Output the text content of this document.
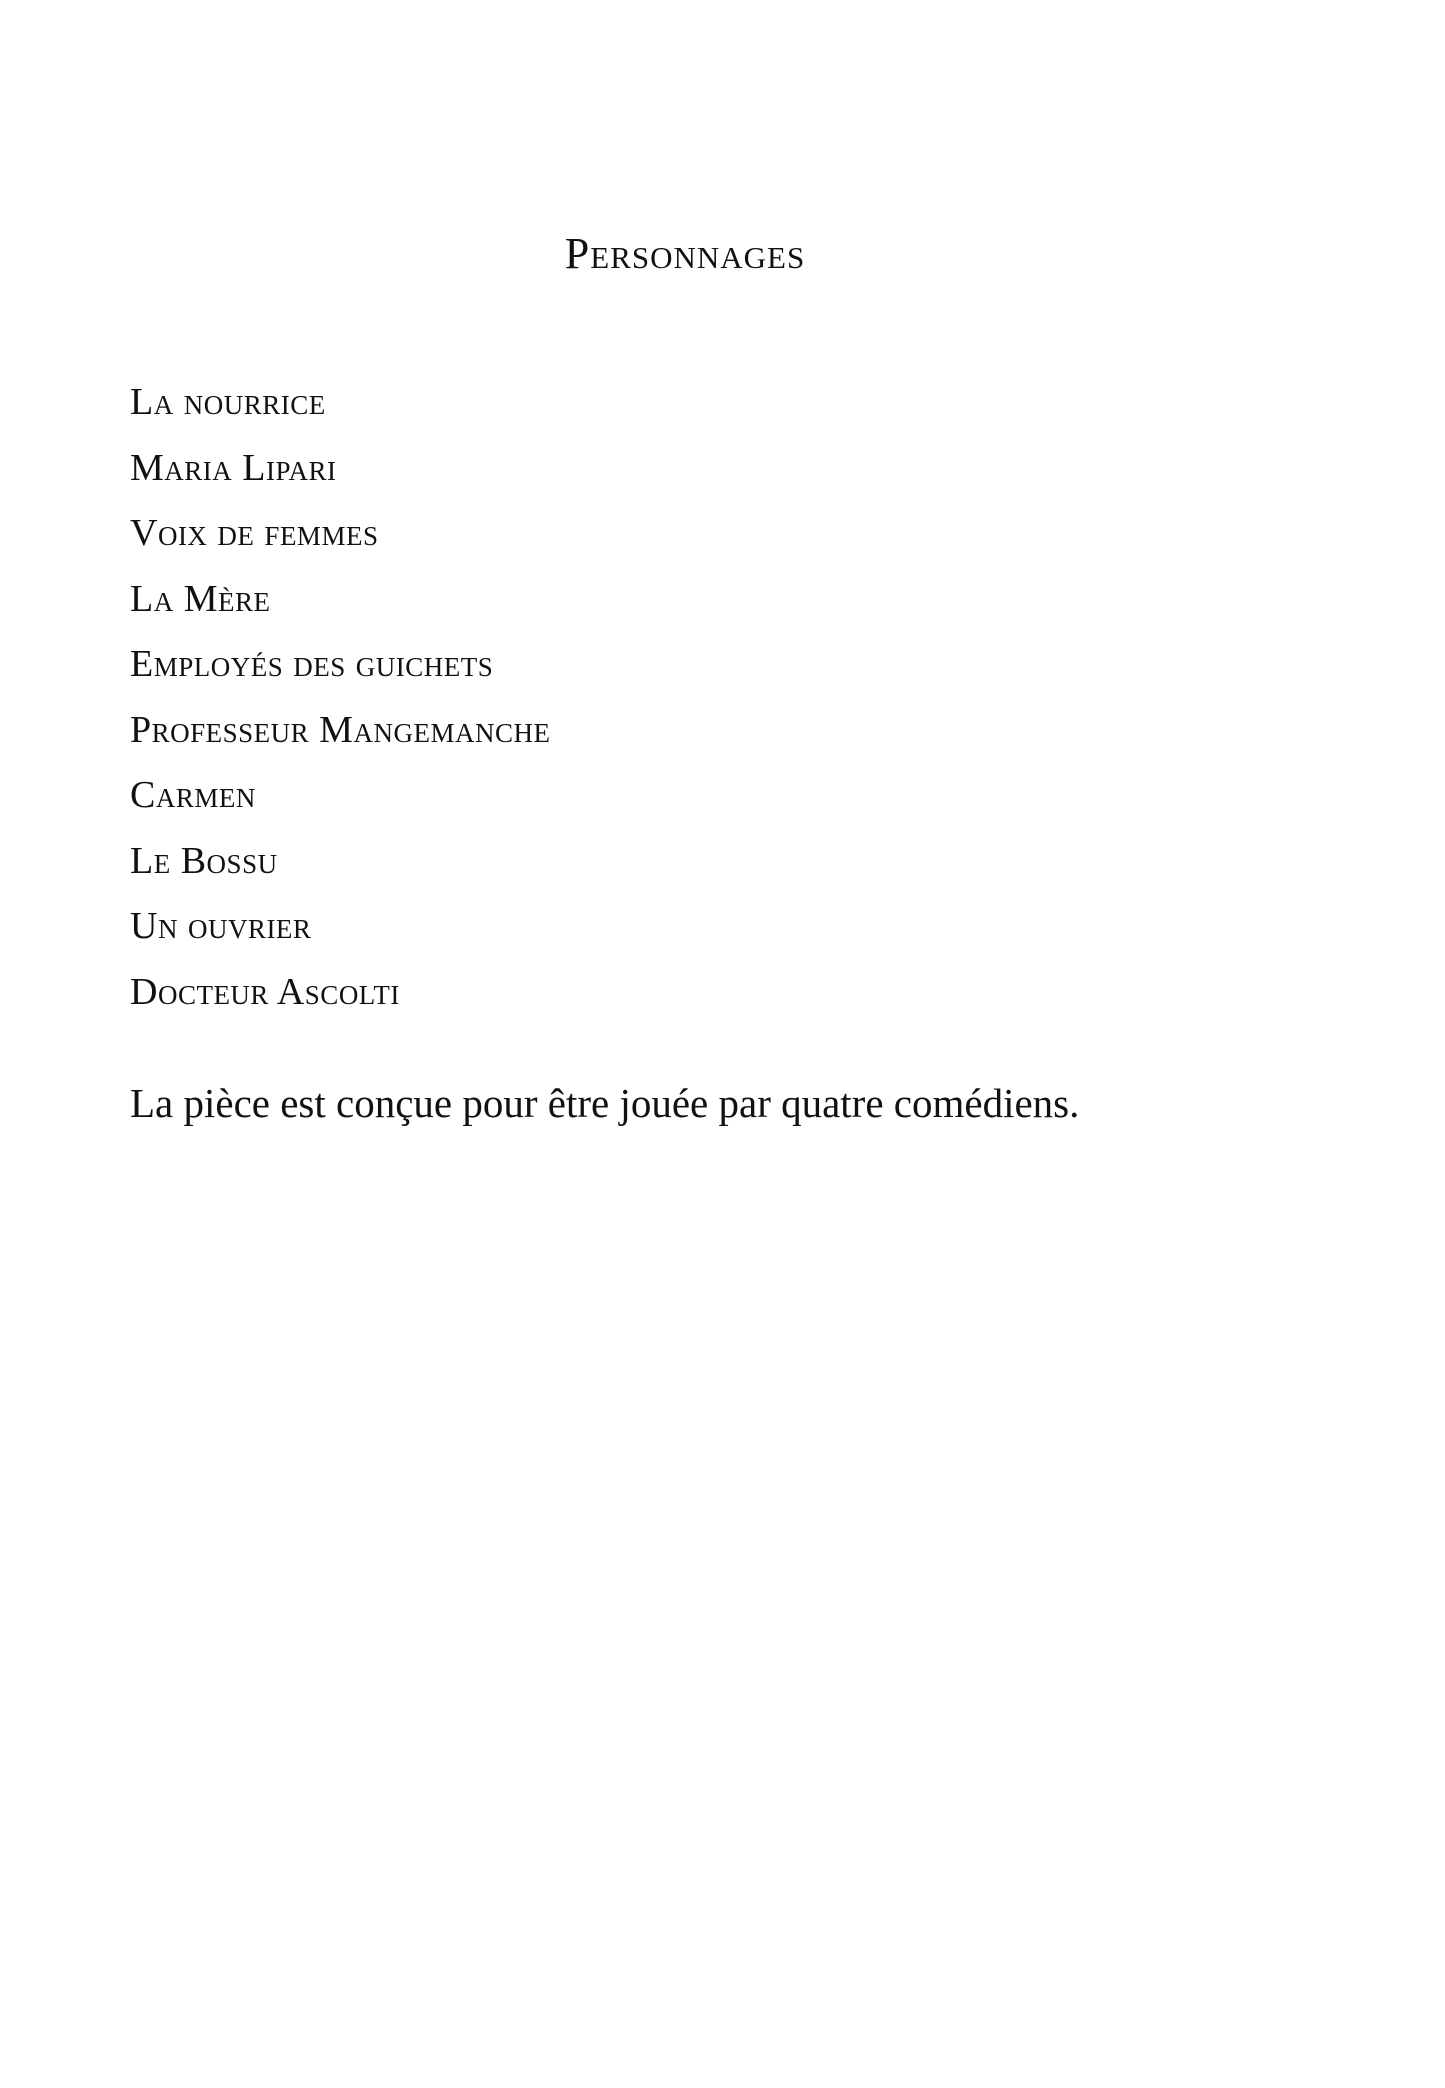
Personnages
La nourrice
Maria Lipari
Voix de femmes
La Mère
Employés des guichets
Professeur Mangemanche
Carmen
Le Bossu
Un ouvrier
Docteur Ascolti

La pièce est conçue pour être jouée par quatre comédiens.
